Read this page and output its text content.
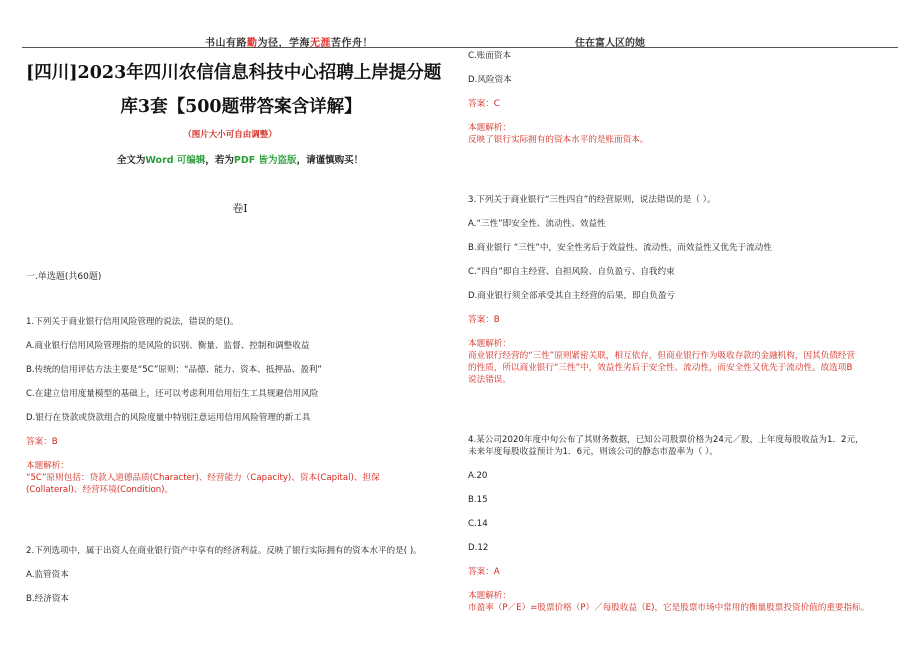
书山有路勤为径，学海无涯苦作舟！	住在富人区的她
[四川]2023年四川农信信息科技中心招聘上岸提分题
库3套【500题带答案含详解】
（图片大小可自由调整）
全文为Word 可编辑，若为PDF 皆为盗版，请谨慎购买！
卷Ⅰ
一.单选题(共60题)
1.下列关于商业银行信用风险管理的说法，错误的是()。
A.商业银行信用风险管理指的是风险的识别、衡量、监督、控制和调整收益
B.传统的信用评估方法主要是“5C”原则：“品德、能力、资本、抵押品、盈利”
C.在建立信用度量模型的基础上，还可以考虑利用信用衍生工具规避信用风险
D.银行在贷款或贷款组合的风险度量中特别注意运用信用风险管理的新工具
答案：B
本题解析：
“5C”原则包括：贷款人道德品质(Character)、经营能力（Capacity)、资本(Capital)、担保
(Collateral)、经营环境(Condition)。
2.下列选项中，属于出资人在商业银行资产中享有的经济利益。反映了银行实际拥有的资本水平的是( )。
A.监管资本
B.经济资本
C.账面资本
D.风险资本
答案：C
本题解析：
反映了银行实际拥有的资本水平的是账面资本。
3.下列关于商业银行“三性四自”的经营原则，说法错误的是（ ）。
A.“三性”即安全性、流动性、效益性
B.商业银行 “三性”中，安全性劣后于效益性、流动性，而效益性又优先于流动性
C.“四自”即自主经营、自担风险、自负盈亏、自我约束
D.商业银行须全部承受其自主经营的后果，即自负盈亏
答案：B
本题解析：
商业银行经营的“三性”原则紧密关联，相互依存，但商业银行作为吸收存款的金融机构，因其负债经营
的性质，所以商业银行“三性”中，效益性劣后于安全性、流动性，而安全性又优先于流动性。故选项B
说法错误。
4.某公司2020年度中旬公布了其财务数据，已知公司股票价格为24元／股，上年度每股收益为1．2元，
未来年度每股收益预计为1．6元，则该公司的静态市盈率为（ ）。
A.20
B.15
C.14
D.12
答案：A
本题解析：
市盈率（P／E）=股票价格（P）／每股收益（E)，它是股票市场中常用的衡量股票投资价值的重要指标。
